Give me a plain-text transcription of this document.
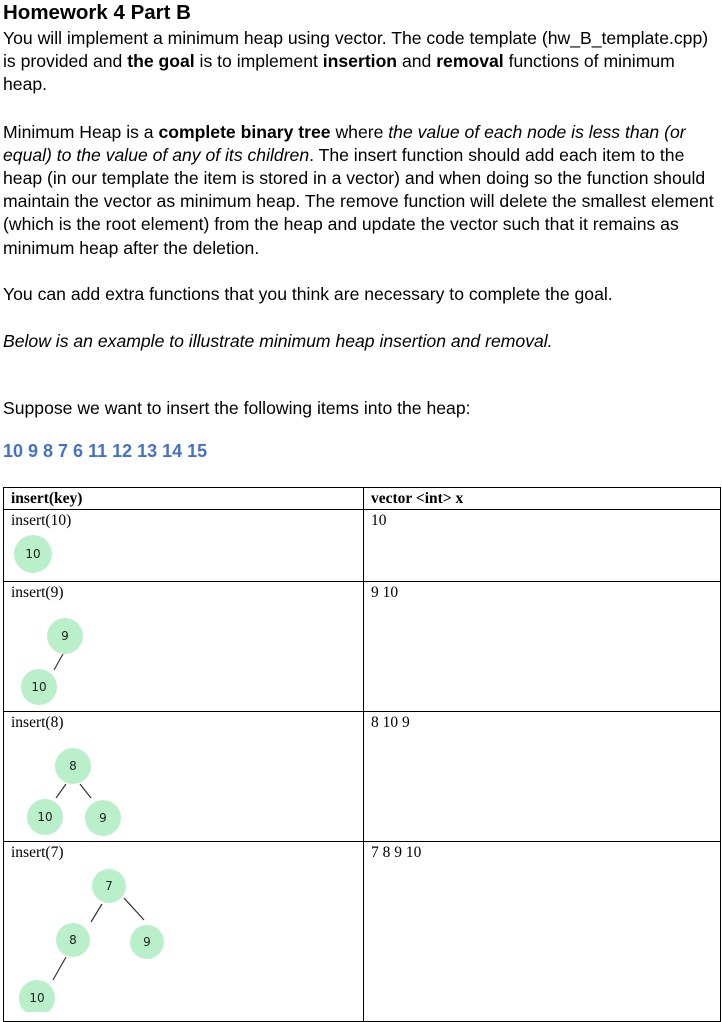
Homework 4 Part B

You will implement a minimum heap using vector. The code template (hw_B_template.cpp) is provided and the goal is to implement insertion and removal functions of minimum heap.

Minimum Heap is a complete binary tree where the value of each node is less than (or equal) to the value of any of its children. The insert function should add each item to the heap (in our template the item is stored in a vector) and when doing so the function should maintain the vector as minimum heap. The remove function will delete the smallest element (which is the root element) from the heap and update the vector such that it remains as minimum heap after the deletion.

You can add extra functions that you think are necessary to complete the goal.

Below is an example to illustrate minimum heap insertion and removal.

Suppose we want to insert the following items into the heap:

10 9 8 7 6 11 12 13 14 15

insert(key)	vector <int> x

insert(10)
10	10

insert(9)
9
10	9 10

insert(8)
8
10 9	8 10 9

insert(7)
7
8 9
10	7 8 9 10
